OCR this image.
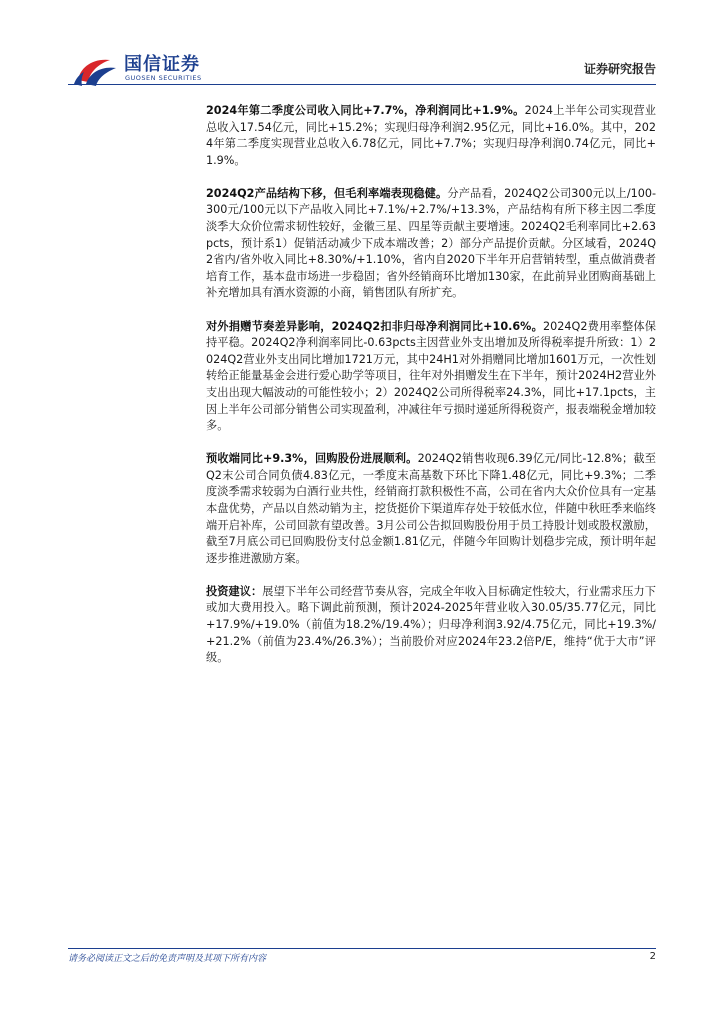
国信证券
GUOSEN SECURITIES
证券研究报告

2024年第二季度公司收入同比+7.7%，净利润同比+1.9%。2024上半年公司实现营业总收入17.54亿元，同比+15.2%；实现归母净利润2.95亿元，同比+16.0%。其中，2024年第二季度实现营业总收入6.78亿元，同比+7.7%；实现归母净利润0.74亿元，同比+1.9%。

2024Q2产品结构下移，但毛利率端表现稳健。分产品看，2024Q2公司300元以上/100-300元/100元以下产品收入同比+7.1%/+2.7%/+13.3%，产品结构有所下移主因二季度淡季大众价位需求韧性较好，金徽三星、四星等贡献主要增速。2024Q2毛利率同比+2.63pcts，预计系1）促销活动减少下成本端改善；2）部分产品提价贡献。分区域看，2024Q2省内/省外收入同比+8.30%/+1.10%，省内自2020下半年开启营销转型，重点做消费者培育工作，基本盘市场进一步稳固；省外经销商环比增加130家，在此前异业团购商基础上补充增加具有酒水资源的小商，销售团队有所扩充。

对外捐赠节奏差异影响，2024Q2扣非归母净利润同比+10.6%。2024Q2费用率整体保持平稳。2024Q2净利润率同比-0.63pcts主因营业外支出增加及所得税率提升所致：1）2024Q2营业外支出同比增加1721万元，其中24H1对外捐赠同比增加1601万元，一次性划转给正能量基金会进行爱心助学等项目，往年对外捐赠发生在下半年，预计2024H2营业外支出出现大幅波动的可能性较小；2）2024Q2公司所得税率24.3%，同比+17.1pcts，主因上半年公司部分销售公司实现盈利，冲减往年亏损时递延所得税资产，报表端税金增加较多。

预收端同比+9.3%，回购股份进展顺利。2024Q2销售收现6.39亿元/同比-12.8%；截至Q2末公司合同负债4.83亿元，一季度末高基数下环比下降1.48亿元，同比+9.3%；二季度淡季需求较弱为白酒行业共性，经销商打款积极性不高，公司在省内大众价位具有一定基本盘优势，产品以自然动销为主，挖货挺价下渠道库存处于较低水位，伴随中秋旺季来临终端开启补库，公司回款有望改善。3月公司公告拟回购股份用于员工持股计划或股权激励，截至7月底公司已回购股份支付总金额1.81亿元，伴随今年回购计划稳步完成，预计明年起逐步推进激励方案。

投资建议：展望下半年公司经营节奏从容，完成全年收入目标确定性较大，行业需求压力下或加大费用投入。略下调此前预测，预计2024-2025年营业收入30.05/35.77亿元，同比+17.9%/+19.0%（前值为18.2%/19.4%）；归母净利润3.92/4.75亿元，同比+19.3%/+21.2%（前值为23.4%/26.3%）；当前股价对应2024年23.2倍P/E，维持“优于大市”评级。

请务必阅读正文之后的免责声明及其项下所有内容	2
